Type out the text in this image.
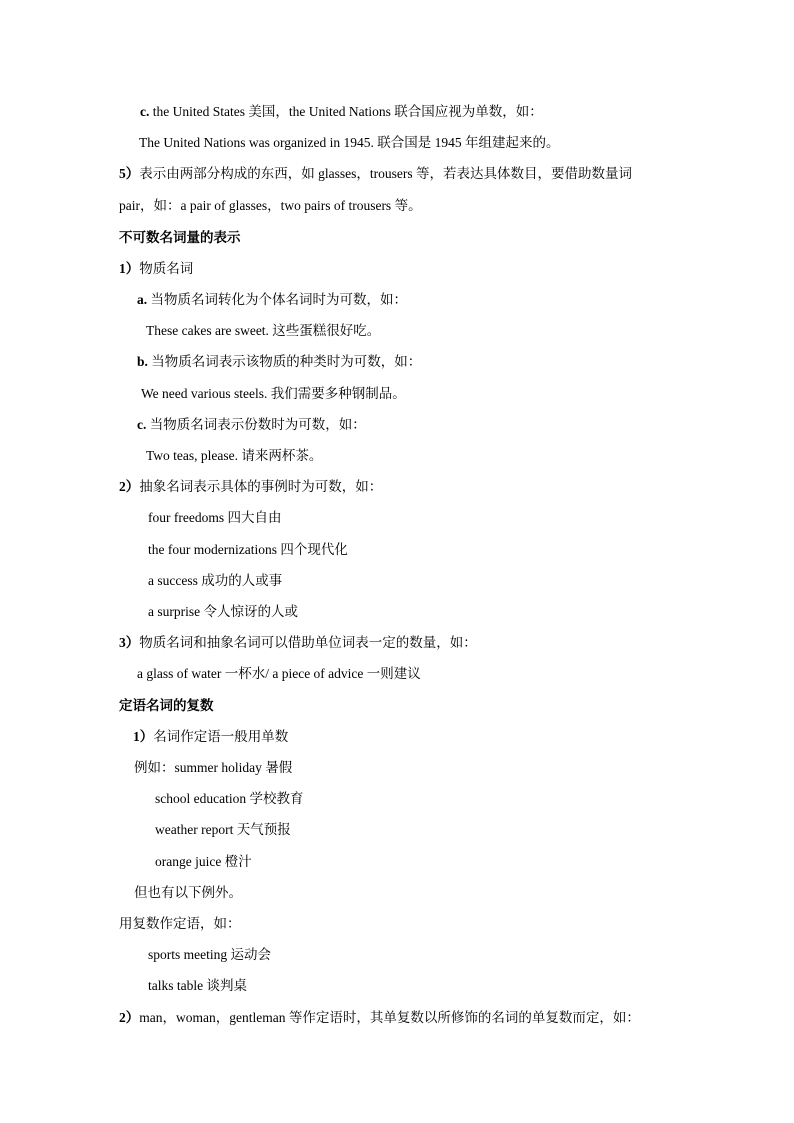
c. the United States 美国，the United Nations 联合国应视为单数，如：
The United Nations was organized in 1945. 联合国是 1945 年组建起来的。
5）表示由两部分构成的东西，如 glasses，trousers 等，若表达具体数目，要借助数量词
pair，如：a pair of glasses，two pairs of trousers 等。
不可数名词量的表示
1）物质名词
a. 当物质名词转化为个体名词时为可数，如：
These cakes are sweet. 这些蛋糕很好吃。
b. 当物质名词表示该物质的种类时为可数，如：
We need various steels. 我们需要多种钢制品。
c. 当物质名词表示份数时为可数，如：
Two teas, please. 请来两杯茶。
2）抽象名词表示具体的事例时为可数，如：
four freedoms 四大自由
the four modernizations 四个现代化
a success 成功的人或事
a surprise 令人惊讶的人或
3）物质名词和抽象名词可以借助单位词表一定的数量，如：
a glass of water 一杯水/ a piece of advice 一则建议
定语名词的复数
1）名词作定语一般用单数
例如：summer holiday 暑假
school education 学校教育
weather report 天气预报
orange juice 橙汁
但也有以下例外。
用复数作定语，如：
sports meeting 运动会
talks table 谈判桌
2）man，woman，gentleman 等作定语时，其单复数以所修饰的名词的单复数而定，如：
